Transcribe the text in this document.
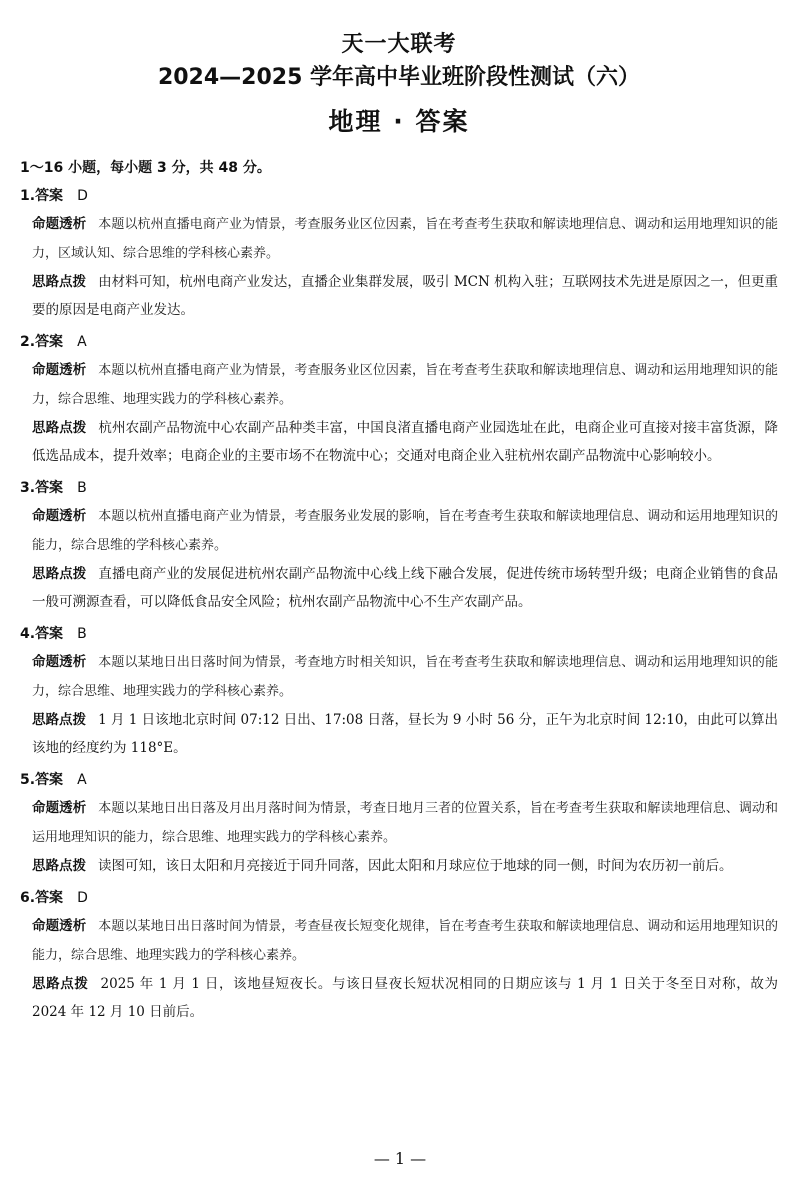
天一大联考
2024—2025 学年高中毕业班阶段性测试（六）
地理 · 答案
1～16 小题，每小题 3 分，共 48 分。
1.答案 D
命题透析 本题以杭州直播电商产业为情景，考查服务业区位因素，旨在考查考生获取和解读地理信息、调动和运用地理知识的能力，区域认知、综合思维的学科核心素养。
思路点拨 由材料可知，杭州电商产业发达，直播企业集群发展，吸引 MCN 机构入驻；互联网技术先进是原因之一，但更重要的原因是电商产业发达。
2.答案 A
命题透析 本题以杭州直播电商产业为情景，考查服务业区位因素，旨在考查考生获取和解读地理信息、调动和运用地理知识的能力，综合思维、地理实践力的学科核心素养。
思路点拨 杭州农副产品物流中心农副产品种类丰富，中国良渚直播电商产业园选址在此，电商企业可直接对接丰富货源，降低选品成本，提升效率；电商企业的主要市场不在物流中心；交通对电商企业入驻杭州农副产品物流中心影响较小。
3.答案 B
命题透析 本题以杭州直播电商产业为情景，考查服务业发展的影响，旨在考查考生获取和解读地理信息、调动和运用地理知识的能力，综合思维的学科核心素养。
思路点拨 直播电商产业的发展促进杭州农副产品物流中心线上线下融合发展，促进传统市场转型升级；电商企业销售的食品一般可溯源查看，可以降低食品安全风险；杭州农副产品物流中心不生产农副产品。
4.答案 B
命题透析 本题以某地日出日落时间为情景，考查地方时相关知识，旨在考查考生获取和解读地理信息、调动和运用地理知识的能力，综合思维、地理实践力的学科核心素养。
思路点拨 1 月 1 日该地北京时间 07:12 日出、17:08 日落，昼长为 9 小时 56 分，正午为北京时间 12:10，由此可以算出该地的经度约为 118°E。
5.答案 A
命题透析 本题以某地日出日落及月出月落时间为情景，考查日地月三者的位置关系，旨在考查考生获取和解读地理信息、调动和运用地理知识的能力，综合思维、地理实践力的学科核心素养。
思路点拨 读图可知，该日太阳和月亮接近于同升同落，因此太阳和月球应位于地球的同一侧，时间为农历初一前后。
6.答案 D
命题透析 本题以某地日出日落时间为情景，考查昼夜长短变化规律，旨在考查考生获取和解读地理信息、调动和运用地理知识的能力，综合思维、地理实践力的学科核心素养。
思路点拨 2025 年 1 月 1 日，该地昼短夜长。与该日昼夜长短状况相同的日期应该与 1 月 1 日关于冬至日对称，故为 2024 年 12 月 10 日前后。
— 1 —
